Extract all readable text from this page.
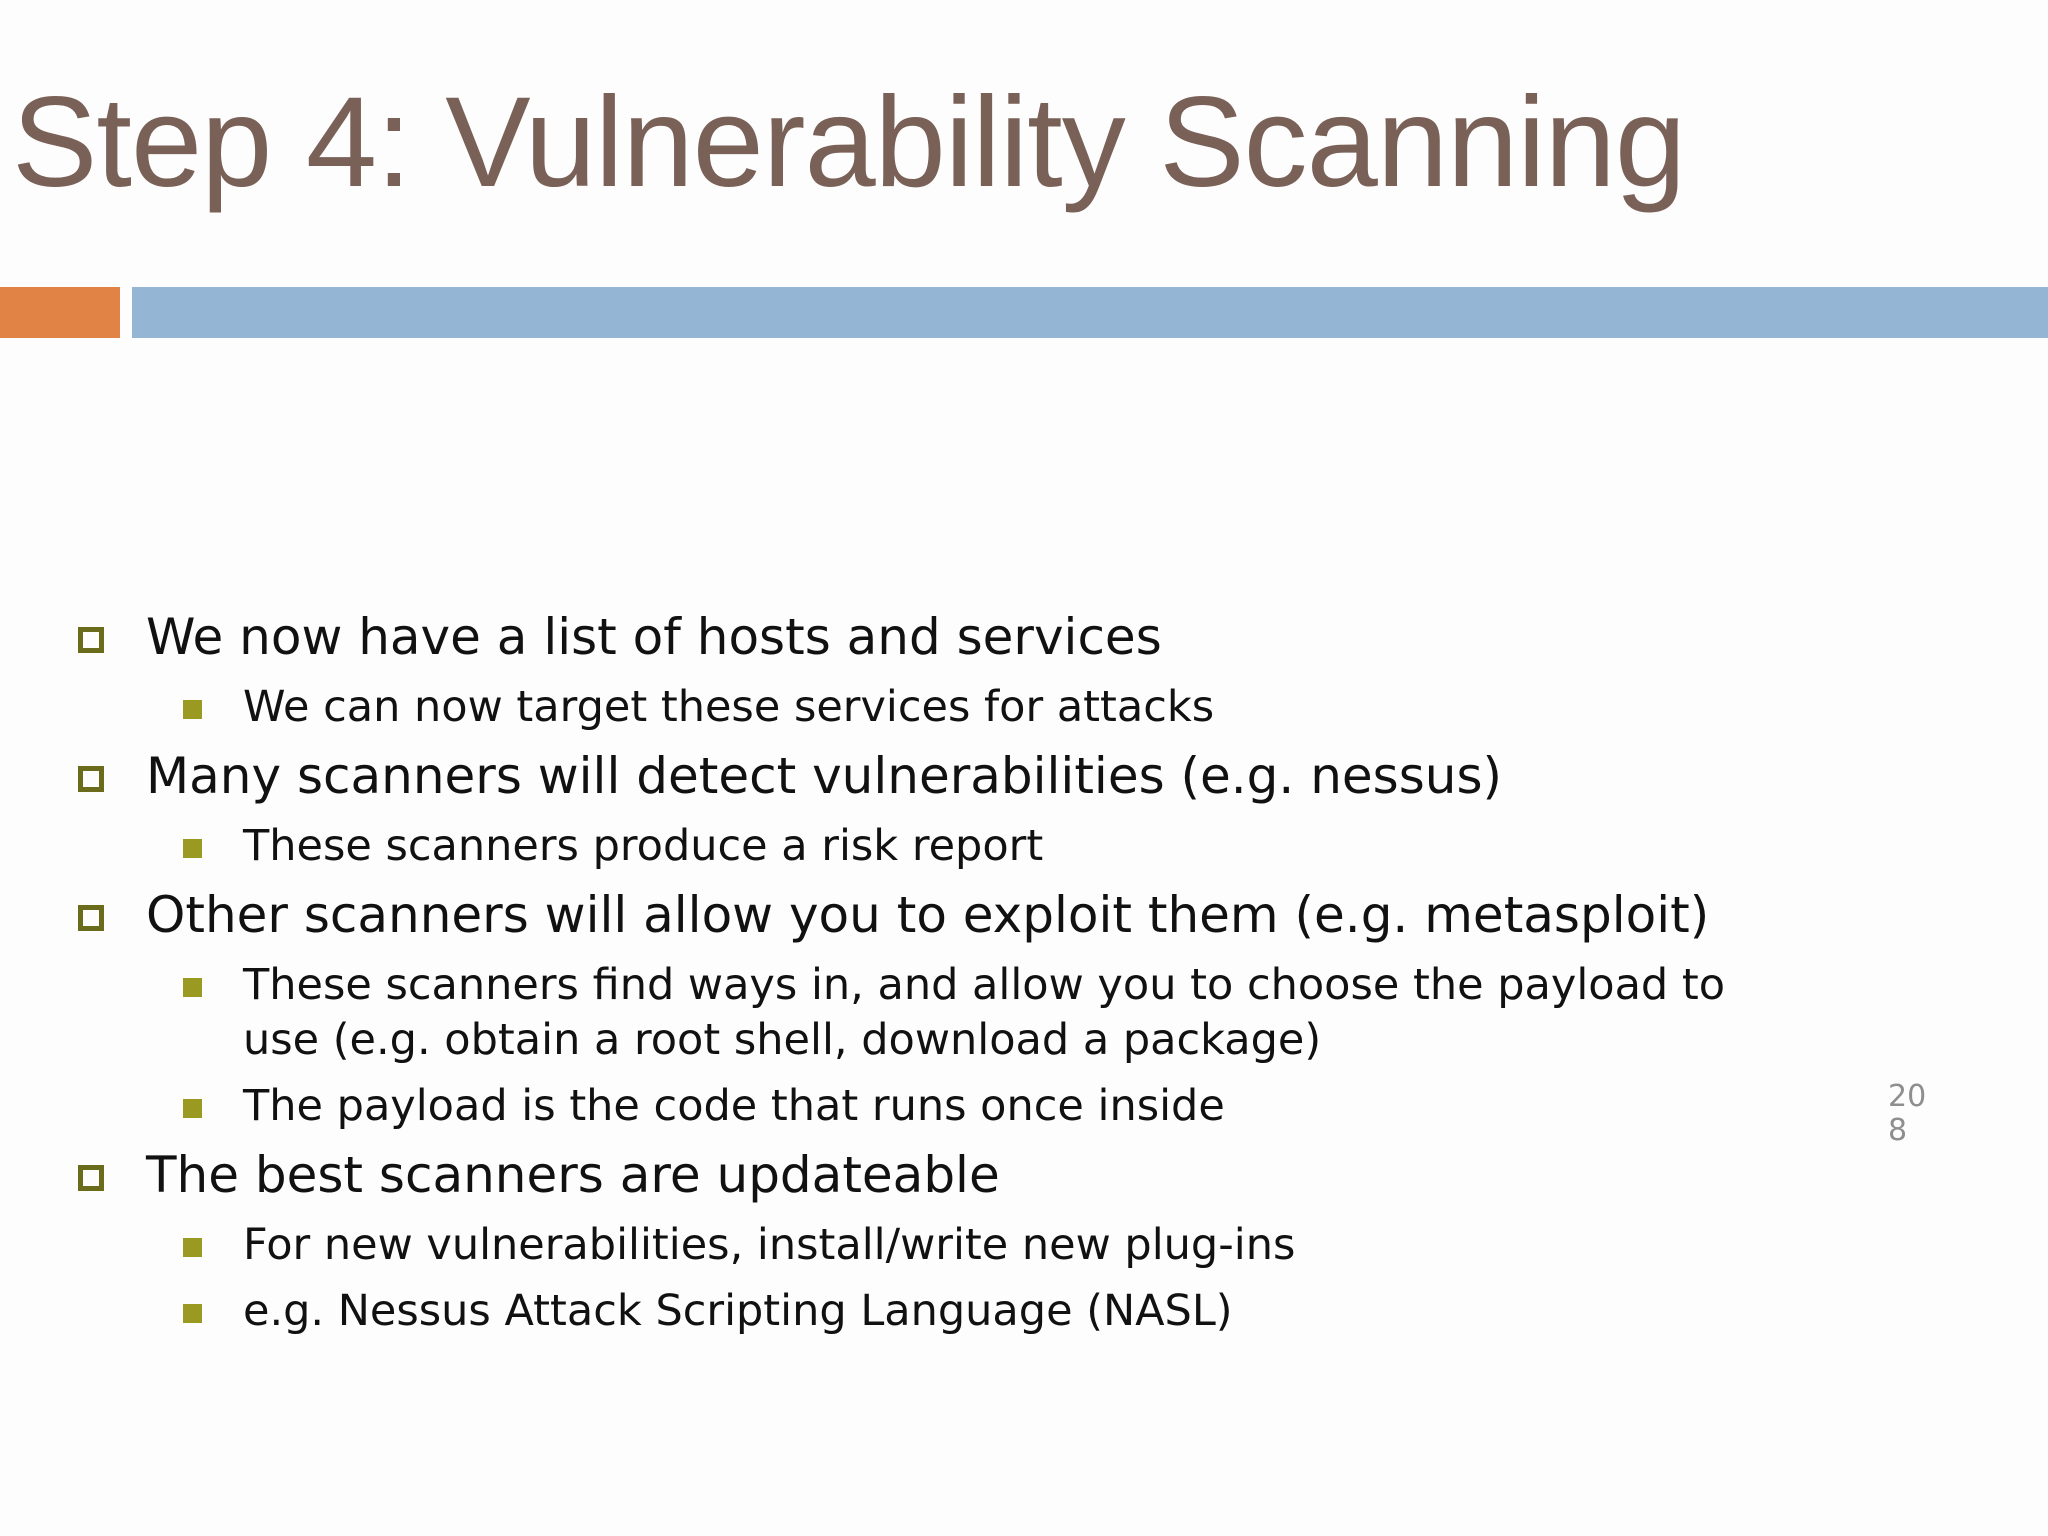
Step 4: Vulnerability Scanning
We now have a list of hosts and services
We can now target these services for attacks
Many scanners will detect vulnerabilities (e.g. nessus)
These scanners produce a risk report
Other scanners will allow you to exploit them (e.g. metasploit)
These scanners find ways in, and allow you to choose the payload to
use (e.g. obtain a root shell, download a package)
The payload is the code that runs once inside
The best scanners are updateable
For new vulnerabilities, install/write new plug-ins
e.g. Nessus Attack Scripting Language (NASL)
20
8
